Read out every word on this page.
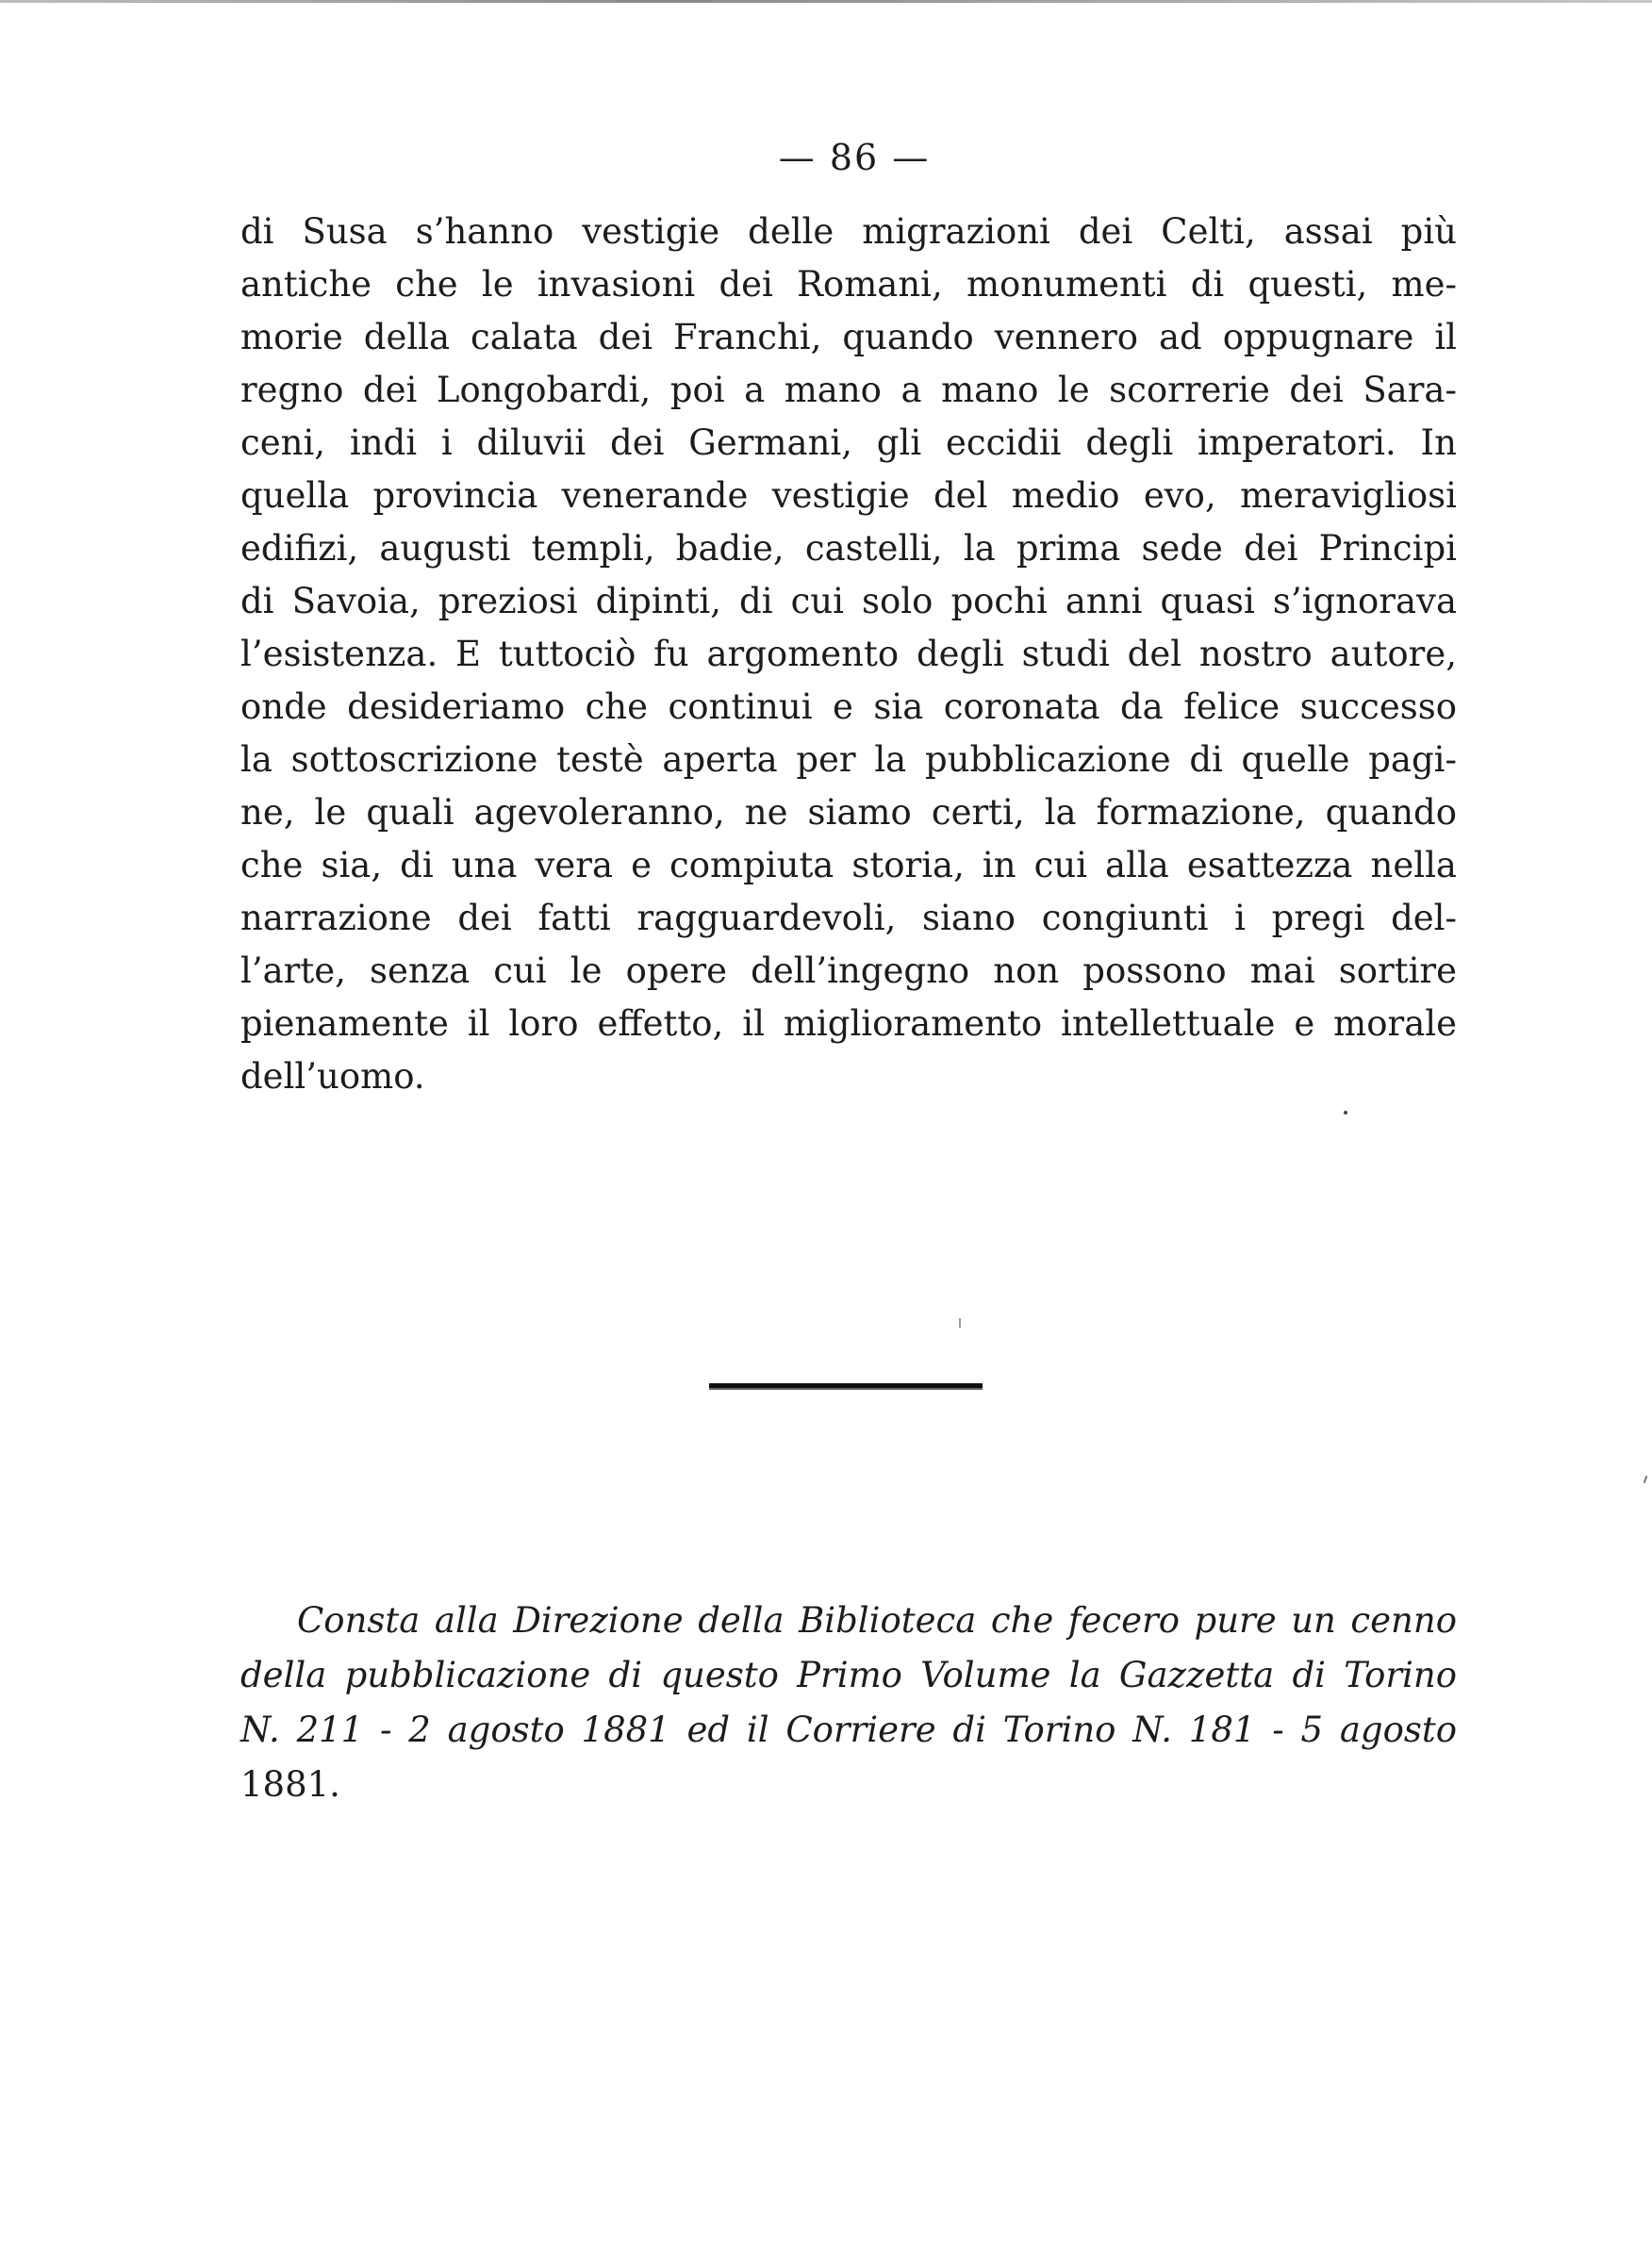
— 86 —
di Susa s’hanno vestigie delle migrazioni dei Celti, assai più
antiche che le invasioni dei Romani, monumenti di questi, me-
morie della calata dei Franchi, quando vennero ad oppugnare il
regno dei Longobardi, poi a mano a mano le scorrerie dei Sara-
ceni, indi i diluvii dei Germani, gli eccidii degli imperatori. In
quella provincia venerande vestigie del medio evo, meravigliosi
edifizi, augusti templi, badie, castelli, la prima sede dei Principi
di Savoia, preziosi dipinti, di cui solo pochi anni quasi s’ignorava
l’esistenza. E tuttociò fu argomento degli studi del nostro autore,
onde desideriamo che continui e sia coronata da felice successo
la sottoscrizione testè aperta per la pubblicazione di quelle pagi-
ne, le quali agevoleranno, ne siamo certi, la formazione, quando
che sia, di una vera e compiuta storia, in cui alla esattezza nella
narrazione dei fatti ragguardevoli, siano congiunti i pregi del-
l’arte, senza cui le opere dell’ingegno non possono mai sortire
pienamente il loro effetto, il miglioramento intellettuale e morale
dell’uomo.
Consta alla Direzione della Biblioteca che fecero pure un cenno
della pubblicazione di questo Primo Volume la Gazzetta di Torino
N. 211 - 2 agosto 1881 ed il Corriere di Torino N. 181 - 5 agosto
1881.
